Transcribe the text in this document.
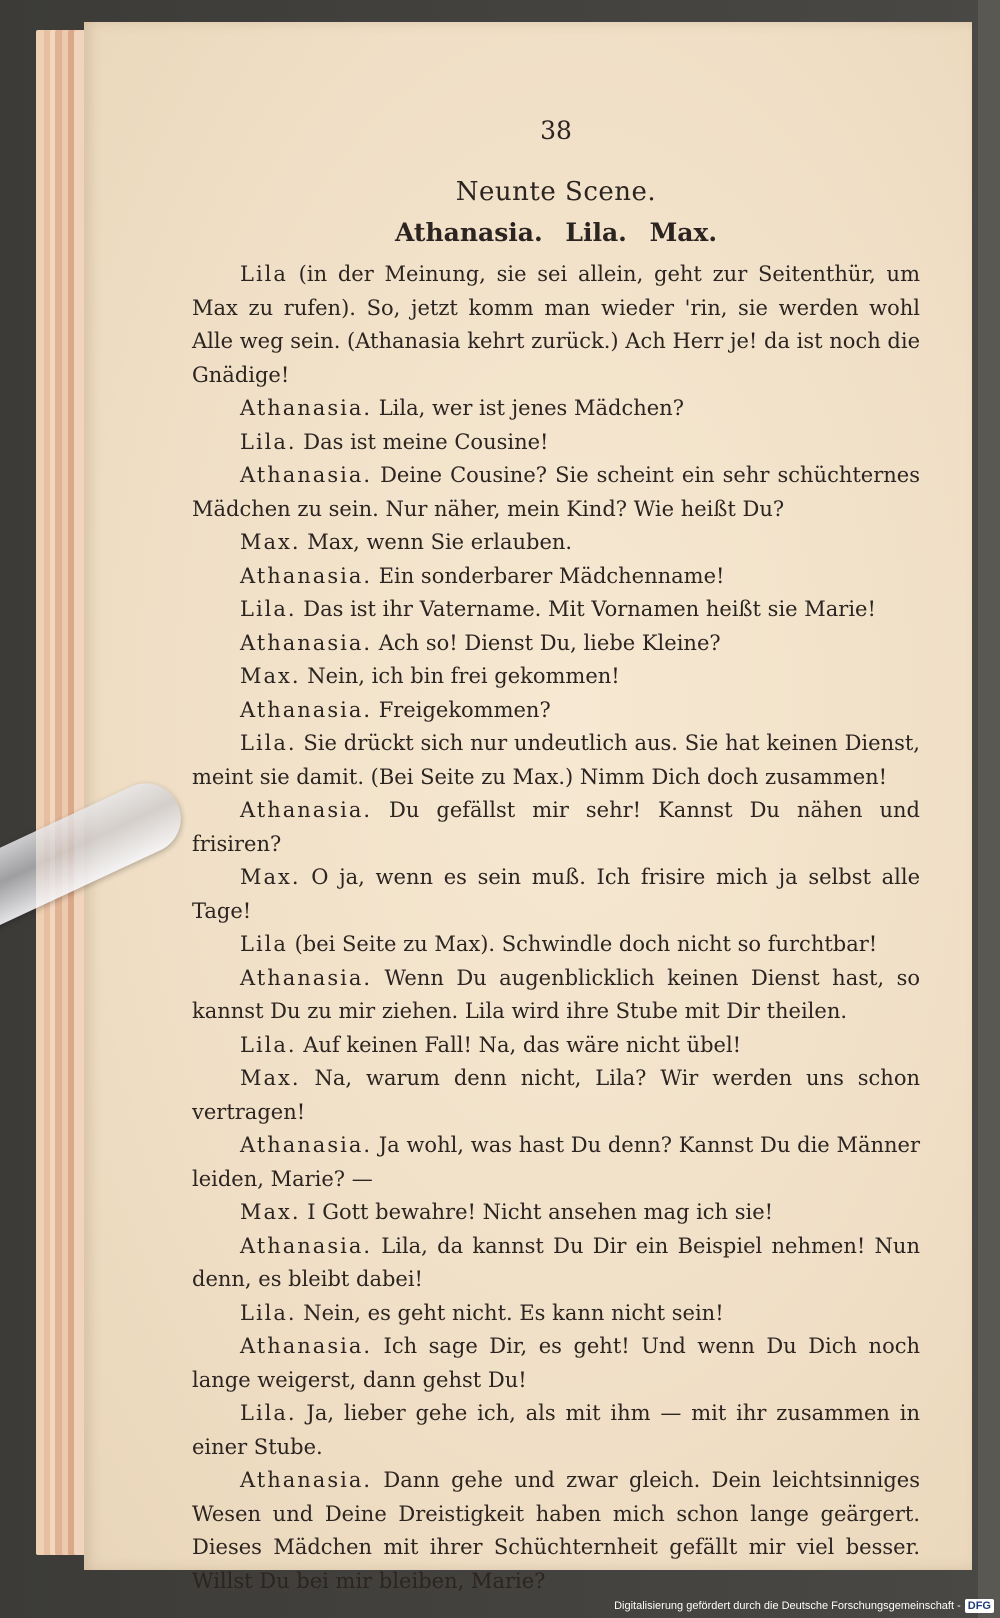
38
Neunte Scene.
Athanasia. Lila. Max.

Lila (in der Meinung, sie sei allein, geht zur Seitenthür, um Max zu rufen). So, jetzt komm man wieder 'rin, sie werden wohl Alle weg sein. (Athanasia kehrt zurück.) Ach Herr je! da ist noch die Gnädige!

Athanasia. Lila, wer ist jenes Mädchen?

Lila. Das ist meine Cousine!

Athanasia. Deine Cousine? Sie scheint ein sehr schüchternes Mädchen zu sein. Nur näher, mein Kind? Wie heißt Du?

Max. Max, wenn Sie erlauben.

Athanasia. Ein sonderbarer Mädchenname!

Lila. Das ist ihr Vatername. Mit Vornamen heißt sie Marie!

Athanasia. Ach so! Dienst Du, liebe Kleine?

Max. Nein, ich bin frei gekommen!

Athanasia. Freigekommen?

Lila. Sie drückt sich nur undeutlich aus. Sie hat keinen Dienst, meint sie damit. (Bei Seite zu Max.) Nimm Dich doch zusammen!

Athanasia. Du gefällst mir sehr! Kannst Du nähen und frisiren?

Max. O ja, wenn es sein muß. Ich frisire mich ja selbst alle Tage!

Lila (bei Seite zu Max). Schwindle doch nicht so furchtbar!

Athanasia. Wenn Du augenblicklich keinen Dienst hast, so kannst Du zu mir ziehen. Lila wird ihre Stube mit Dir theilen.

Lila. Auf keinen Fall! Na, das wäre nicht übel!

Max. Na, warum denn nicht, Lila? Wir werden uns schon vertragen!

Athanasia. Ja wohl, was hast Du denn? Kannst Du die Männer leiden, Marie? —

Max. I Gott bewahre! Nicht ansehen mag ich sie!

Athanasia. Lila, da kannst Du Dir ein Beispiel nehmen! Nun denn, es bleibt dabei!

Lila. Nein, es geht nicht. Es kann nicht sein!

Athanasia. Ich sage Dir, es geht! Und wenn Du Dich noch lange weigerst, dann gehst Du!

Lila. Ja, lieber gehe ich, als mit ihm — mit ihr zusammen in einer Stube.

Athanasia. Dann gehe und zwar gleich. Dein leichtsinniges Wesen und Deine Dreistigkeit haben mich schon lange geärgert. Dieses Mädchen mit ihrer Schüchternheit gefällt mir viel besser. Willst Du bei mir bleiben, Marie?

Digitalisierung gefördert durch die Deutsche Forschungsgemeinschaft - DFG
